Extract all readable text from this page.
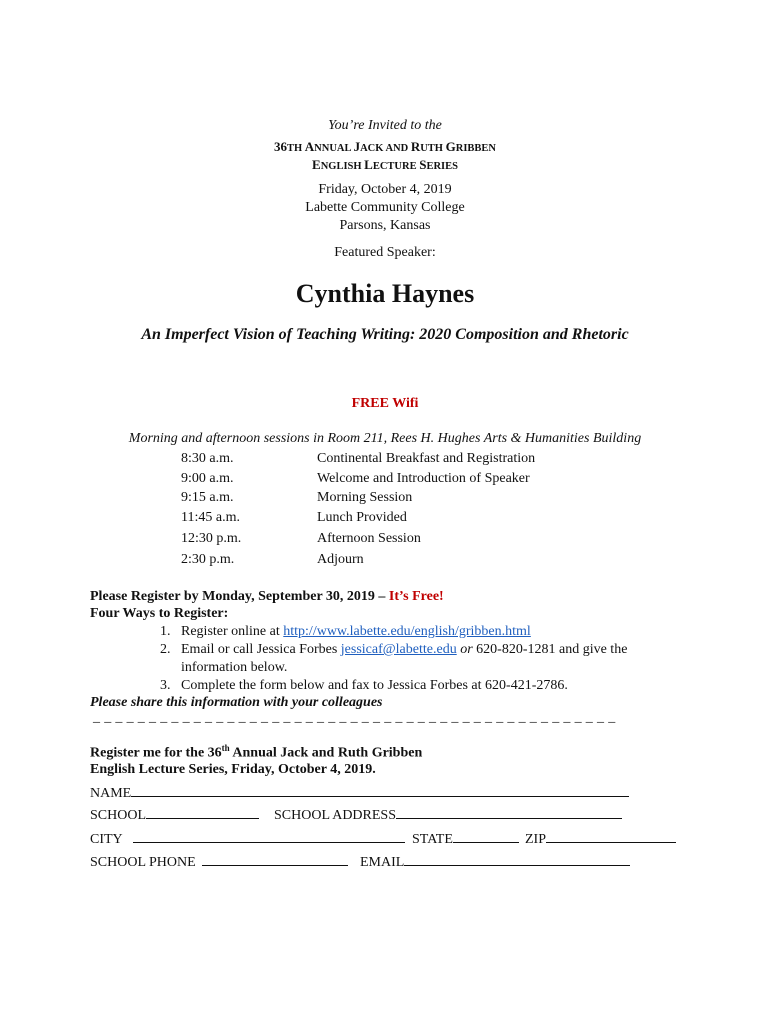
You’re Invited to the
36TH ANNUAL JACK AND RUTH GRIBBEN
ENGLISH LECTURE SERIES
Friday, October 4, 2019
Labette Community College
Parsons, Kansas
Featured Speaker:
Cynthia Haynes
An Imperfect Vision of Teaching Writing: 2020 Composition and Rhetoric
FREE Wifi
Morning and afternoon sessions in Room 211, Rees H. Hughes Arts & Humanities Building
8:30 a.m.	Continental Breakfast and Registration
9:00 a.m.	Welcome and Introduction of Speaker
9:15 a.m.	Morning Session
11:45 a.m.	Lunch Provided
12:30 p.m.	Afternoon Session
2:30 p.m.	Adjourn
Please Register by Monday, September 30, 2019 – It’s Free!
Four Ways to Register:
1. Register online at http://www.labette.edu/english/gribben.html
2. Email or call Jessica Forbes jessicaf@labette.edu or 620-820-1281 and give the
information below.
3. Complete the form below and fax to Jessica Forbes at 620-421-2786.
Please share this information with your colleagues
_______________________________________________
Register me for the 36th Annual Jack and Ruth Gribben
English Lecture Series, Friday, October 4, 2019.
NAME
SCHOOL	SCHOOL ADDRESS
CITY	STATE	ZIP
SCHOOL PHONE	EMAIL
